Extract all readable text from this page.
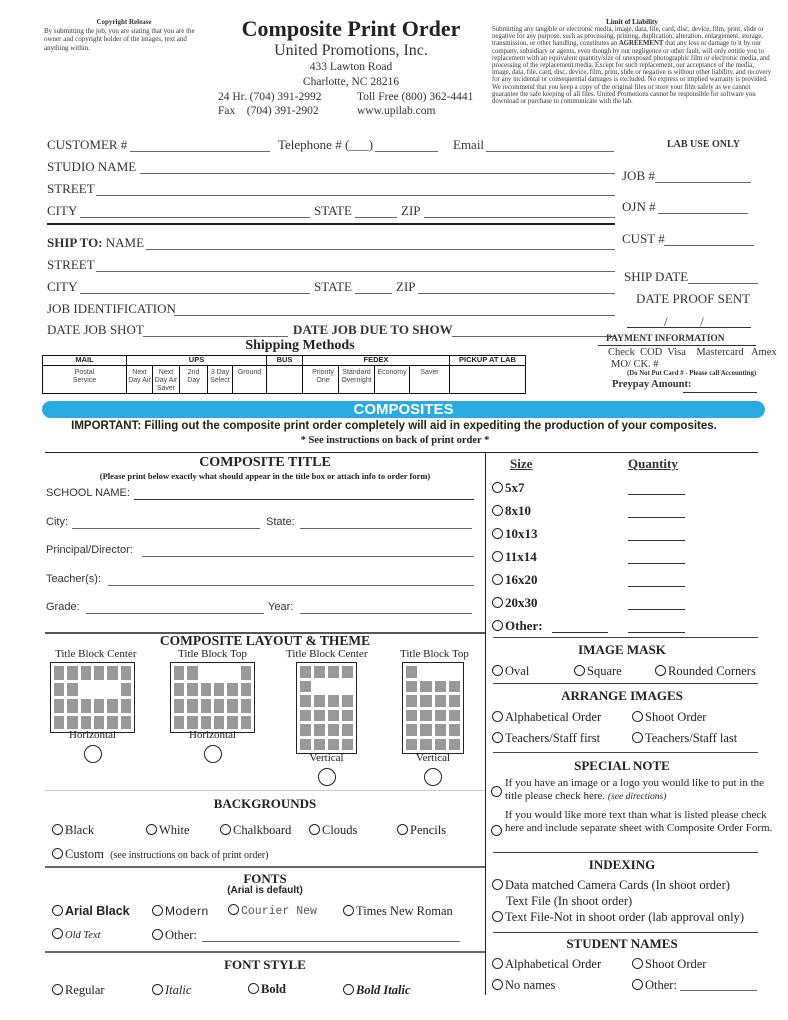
Copyright Release
By submitting the job, you are stating that you are the owner and copyright holder of the images, text and anything within.
Composite Print Order
United Promotions, Inc.
433 Lawton Road
Charlotte, NC 28216
24 Hr. (704) 391-2992	Toll Free (800) 362-4441
Fax    (704) 391-2902	www.upilab.com
Limit of Liability
Submitting any tangible or electronic media, image, data, file, card, disc, device, film, print, slide or negative for any purpose, such as processing, printing, duplication, alteration, enlargement, storage, transmission, or other handling, constitutes an AGREEMENT that any loss or damage to it by our company, subsidiary or agents, even though by our negligence or other fault, will only entitle you to replacement with an equivalent quantity/size of unexposed photographic film or electronic media, and processing of the replacement media. Except for such replacement, our acceptance of the media, image, data, file, card, disc, device, film, print, slide or negative is without other liability, and recovery for any incidental or consequential damages is excluded. No express or implied warranty is provided. We recommend that you keep a copy of the original files or store your film safely as we cannot guarantee the safe keeping of all files. United Promotions cannot be responsible for software you download or purchase to communicate with the lab.
CUSTOMER #	Telephone # (___)	Email
STUDIO NAME
STREET
CITY	STATE	ZIP
SHIP TO: NAME
STREET
CITY	STATE	ZIP
JOB IDENTIFICATION
DATE JOB SHOT	DATE JOB DUE TO SHOW
LAB USE ONLY
JOB #
OJN #
CUST #
SHIP DATE
DATE PROOF SENT
/          /
Shipping Methods
MAIL	UPS					BUS	FEDEX				PICKUP AT LAB
Postal Service	Next Day Air	Next Day Air Saver	2nd Day	3 Day Select	Ground		Priority One	Standard Overnight	Economy	Saver	
PAYMENT INFORMATION
Check  COD  Visa    Mastercard   Amex
MO/ CK. #
(Do Not Put Card # - Please call Accounting)
Preypay Amount:
COMPOSITES
IMPORTANT: Filling out the composite print order completely will aid in expediting the production of your composites.
* See instructions on back of print order *
COMPOSITE TITLE
(Please print below exactly what should appear in the title box or attach info to order form)
SCHOOL NAME:
City:	State:
Principal/Director:
Teacher(s):
Grade:	Year:
Size	Quantity
5x7
8x10
10x13
11x14
16x20
20x30
Other:
COMPOSITE LAYOUT & THEME
Title Block Center
Horizontal
Title Block Top
Horizontal
Title Block Center
Vertical
Title Block Top
Vertical
IMAGE MASK
Oval	Square	Rounded Corners
ARRANGE IMAGES
Alphabetical Order	Shoot Order
Teachers/Staff first	Teachers/Staff last
SPECIAL NOTE
If you have an image or a logo you would like to put in the title please check here. (see directions)
If you would like more text than what is listed please check here and include separate sheet with Composite Order Form.
INDEXING
Data matched Camera Cards (In shoot order)
Text File (In shoot order)
Text File-Not in shoot order (lab approval only)
STUDENT NAMES
Alphabetical Order	Shoot Order
No names	Other:
BACKGROUNDS
Black	White	Chalkboard	Clouds	Pencils
Custom (see instructions on back of print order)
FONTS
(Arial is default)
Arial Black	Modern	Courier New	Times New Roman
Old Text	Other:
FONT STYLE
Regular	Italic	Bold	Bold Italic
